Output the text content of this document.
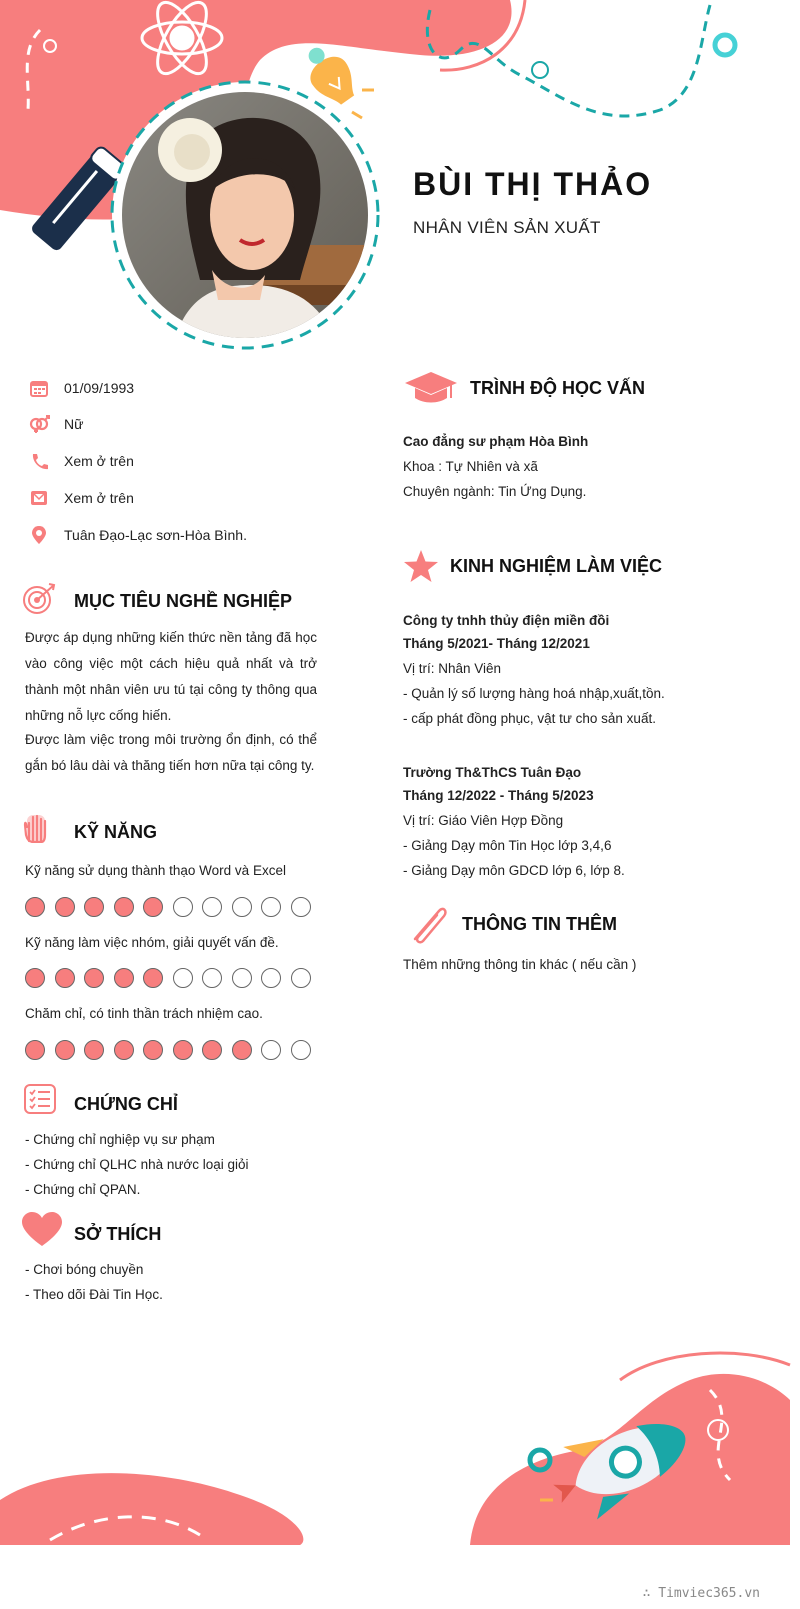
BÙI THỊ THẢO
NHÂN VIÊN SẢN XUẤT
01/09/1993
Nữ
Xem ở trên
Xem ở trên
Tuân Đạo-Lạc sơn-Hòa Bình.
MỤC TIÊU NGHỀ NGHIỆP
Được áp dụng những kiến thức nền tảng đã học vào công việc một cách hiệu quả nhất và trở thành một nhân viên ưu tú tại công ty thông qua những nỗ lực cống hiến.
Được làm việc trong môi trường ổn định, có thể gắn bó lâu dài và thăng tiến hơn nữa tại công ty.
KỸ NĂNG
Kỹ năng sử dụng thành thạo Word và Excel
Kỹ năng làm việc nhóm, giải quyết vấn đề.
Chăm chỉ, có tinh thần trách nhiệm cao.
CHỨNG CHỈ
- Chứng chỉ nghiệp vụ sư phạm
- Chứng chỉ QLHC nhà nước loại giỏi
- Chứng chỉ QPAN.
SỞ THÍCH
- Chơi bóng chuyền
- Theo dõi Đài Tin Học.
TRÌNH ĐỘ HỌC VẤN
Cao đẳng sư phạm Hòa Bình
Khoa : Tự Nhiên và xã
Chuyên ngành: Tin Ứng Dụng.
KINH NGHIỆM LÀM VIỆC
Công ty tnhh thủy điện miền đồi
Tháng 5/2021- Tháng 12/2021
Vị trí: Nhân Viên
- Quản lý số lượng hàng hoá nhập,xuất,tồn.
- cấp phát đồng phục, vật tư cho sản xuất.
Trường Th&ThCS Tuân Đạo
Tháng 12/2022 - Tháng 5/2023
Vị trí: Giáo Viên Hợp Đồng
- Giảng Dạy môn Tin Học lớp 3,4,6
- Giảng Dạy môn GDCD lớp 6, lớp 8.
THÔNG TIN THÊM
Thêm những thông tin khác ( nếu cần )
∴ Timviec365.vn
